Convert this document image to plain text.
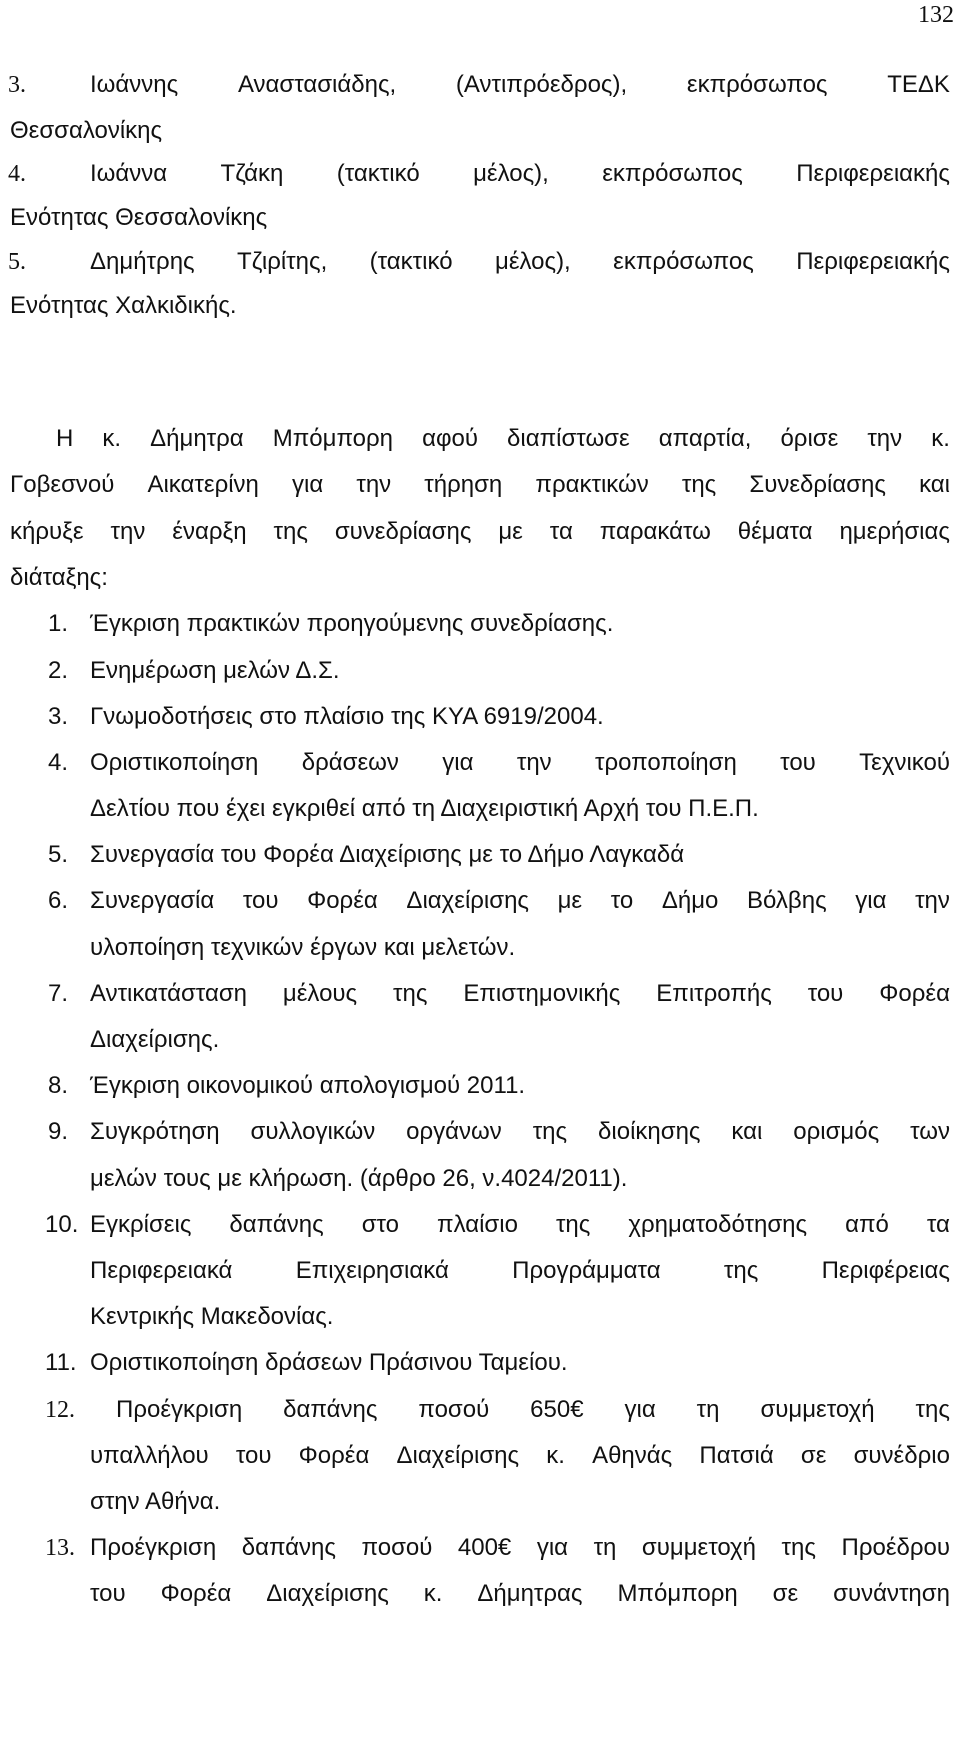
132
3.	Ιωάννης Αναστασιάδης, (Αντιπρόεδρος), εκπρόσωπος ΤΕΔΚ
Θεσσαλονίκης
4.	Ιωάννα Τζάκη (τακτικό μέλος), εκπρόσωπος Περιφερειακής
Ενότητας Θεσσαλονίκης
5.	Δημήτρης Τζιρίτης, (τακτικό μέλος), εκπρόσωπος Περιφερειακής
Ενότητας Χαλκιδικής.
Η κ. Δήμητρα Μπόμπορη αφού διαπίστωσε απαρτία, όρισε την κ.
Γοβεσνού Αικατερίνη για την τήρηση πρακτικών της Συνεδρίασης και
κήρυξε την έναρξη της συνεδρίασης με τα παρακάτω θέματα ημερήσιας
διάταξης:
1. Έγκριση πρακτικών προηγούμενης συνεδρίασης.
2. Ενημέρωση μελών Δ.Σ.
3. Γνωμοδοτήσεις στο πλαίσιο της ΚΥΑ 6919/2004.
4. Οριστικοποίηση δράσεων για την τροποποίηση του Τεχνικού
Δελτίου που έχει εγκριθεί από τη Διαχειριστική Αρχή του Π.Ε.Π.
5. Συνεργασία του Φορέα Διαχείρισης με το Δήμο Λαγκαδά
6. Συνεργασία του Φορέα Διαχείρισης με το Δήμο Βόλβης για την
υλοποίηση τεχνικών έργων και μελετών.
7. Αντικατάσταση μέλους της Επιστημονικής Επιτροπής του Φορέα
Διαχείρισης.
8. Έγκριση οικονομικού απολογισμού 2011.
9. Συγκρότηση συλλογικών οργάνων της διοίκησης και ορισμός των
μελών τους με κλήρωση. (άρθρο 26, ν.4024/2011).
10. Εγκρίσεις δαπάνης στο πλαίσιο της χρηματοδότησης από τα
Περιφερειακά	Επιχειρησιακά	Προγράμματα	της	Περιφέρειας
Κεντρικής Μακεδονίας.
11. Οριστικοποίηση δράσεων Πράσινου Ταμείου.
12. Προέγκριση δαπάνης ποσού 650€ για τη συμμετοχή της
υπαλλήλου του Φορέα Διαχείρισης κ. Αθηνάς Πατσιά σε συνέδριο
στην Αθήνα.
13. Προέγκριση δαπάνης ποσού 400€ για τη συμμετοχή της Προέδρου
του Φορέα Διαχείρισης κ. Δήμητρας Μπόμπορη σε συνάντηση
